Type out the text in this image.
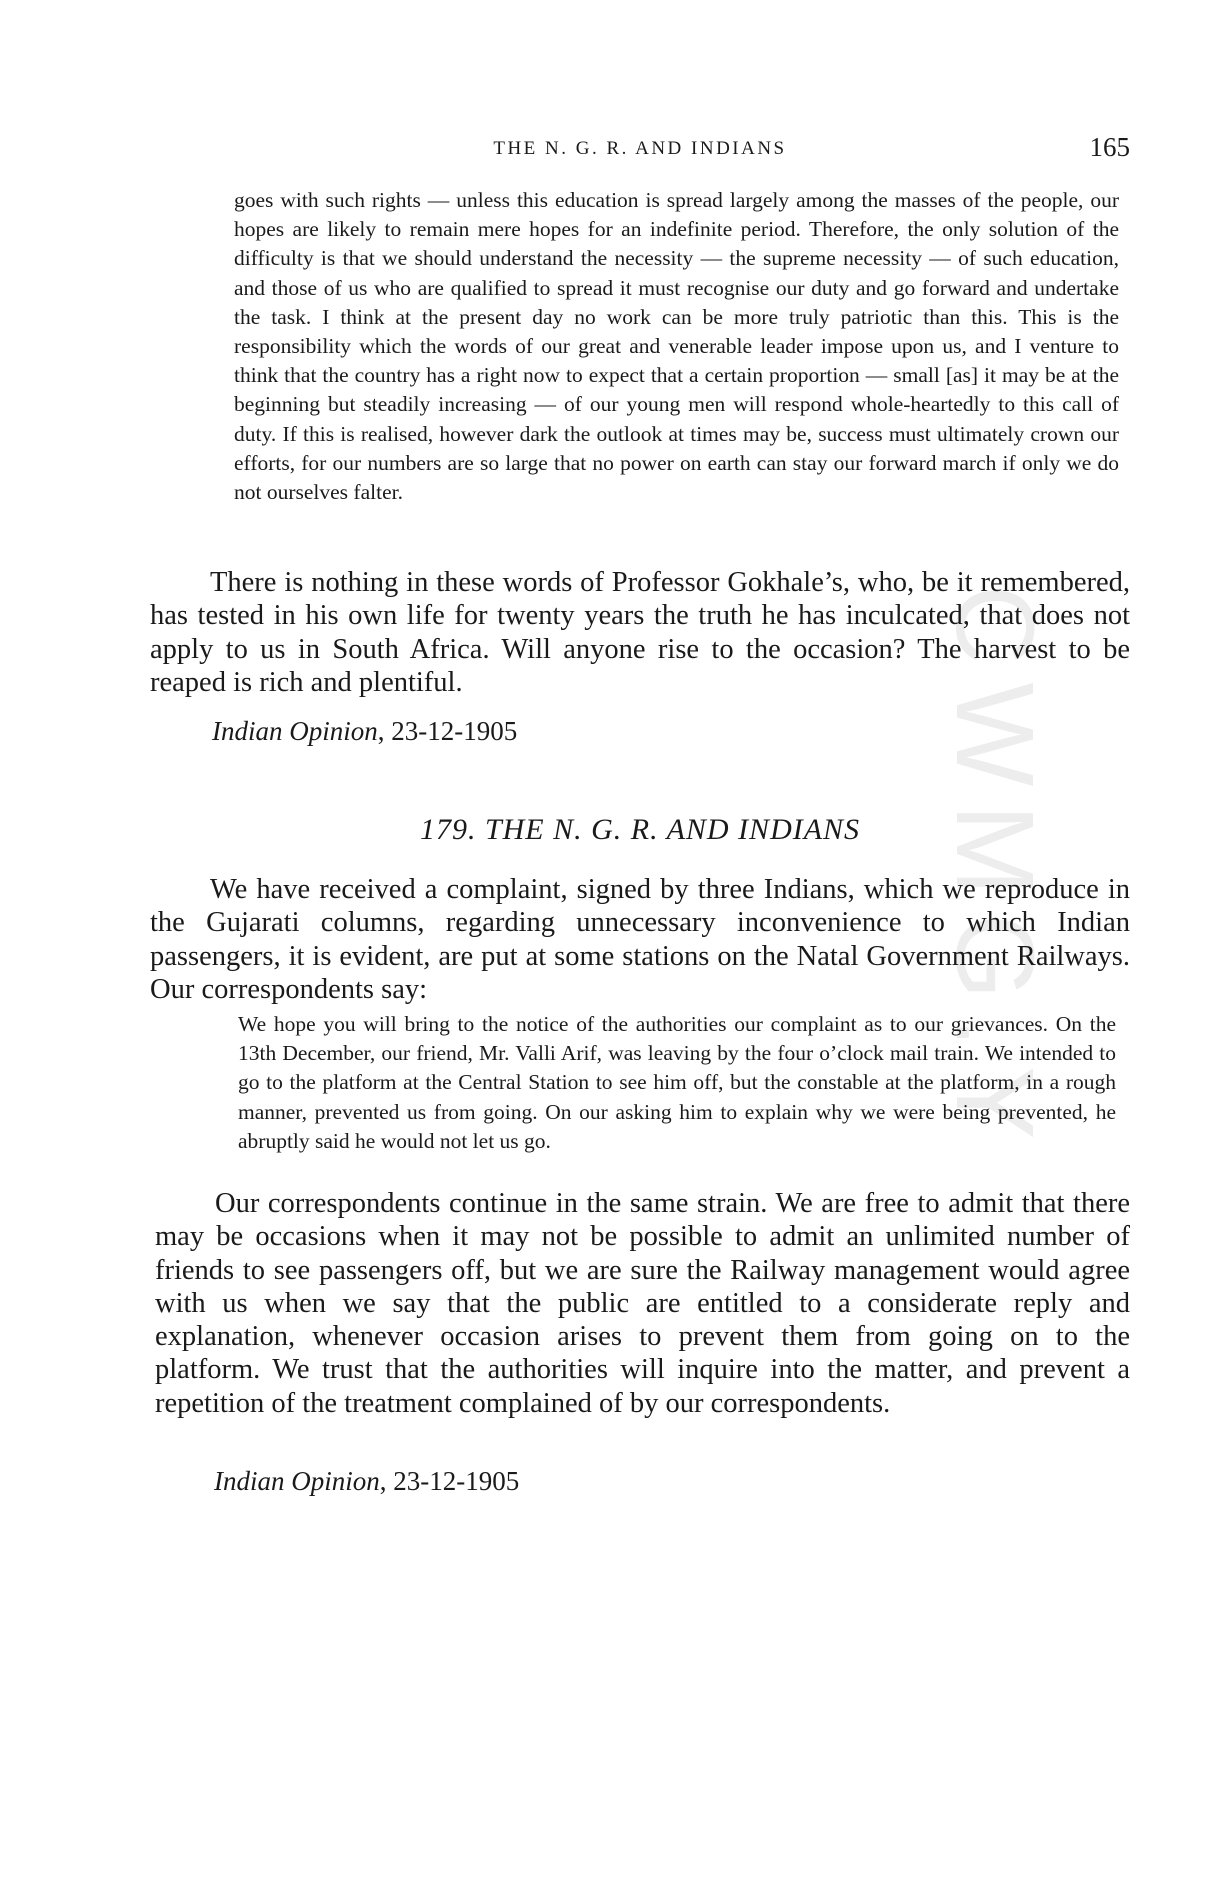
CWMG.Y
THE N. G. R. AND INDIANS	165

goes with such rights — unless this education is spread largely among the masses of the people, our hopes are likely to remain mere hopes for an indefinite period. Therefore, the only solution of the difficulty is that we should understand the necessity — the supreme necessity — of such education, and those of us who are qualified to spread it must recognise our duty and go forward and undertake the task. I think at the present day no work can be more truly patriotic than this. This is the responsibility which the words of our great and venerable leader impose upon us, and I venture to think that the country has a right now to expect that a certain proportion — small [as] it may be at the beginning but steadily increasing — of our young men will respond whole-heartedly to this call of duty. If this is realised, however dark the outlook at times may be, success must ultimately crown our efforts, for our numbers are so large that no power on earth can stay our forward march if only we do not ourselves falter.

There is nothing in these words of Professor Gokhale’s, who, be it remembered, has tested in his own life for twenty years the truth he has inculcated, that does not apply to us in South Africa. Will anyone rise to the occasion? The harvest to be reaped is rich and plentiful.

Indian Opinion, 23-12-1905
179. THE N. G. R. AND INDIANS

We have received a complaint, signed by three Indians, which we reproduce in the Gujarati columns, regarding unnecessary inconvenience to which Indian passengers, it is evident, are put at some stations on the Natal Government Railways. Our correspondents say:

We hope you will bring to the notice of the authorities our complaint as to our grievances. On the 13th December, our friend, Mr. Valli Arif, was leaving by the four o’clock mail train. We intended to go to the platform at the Central Station to see him off, but the constable at the platform, in a rough manner, prevented us from going. On our asking him to explain why we were being prevented, he abruptly said he would not let us go.

Our correspondents continue in the same strain. We are free to admit that there may be occasions when it may not be possible to admit an unlimited number of friends to see passengers off, but we are sure the Railway management would agree with us when we say that the public are entitled to a considerate reply and explanation, whenever occasion arises to prevent them from going on to the platform. We trust that the authorities will inquire into the matter, and prevent a repetition of the treatment complained of by our correspondents.

Indian Opinion, 23-12-1905
